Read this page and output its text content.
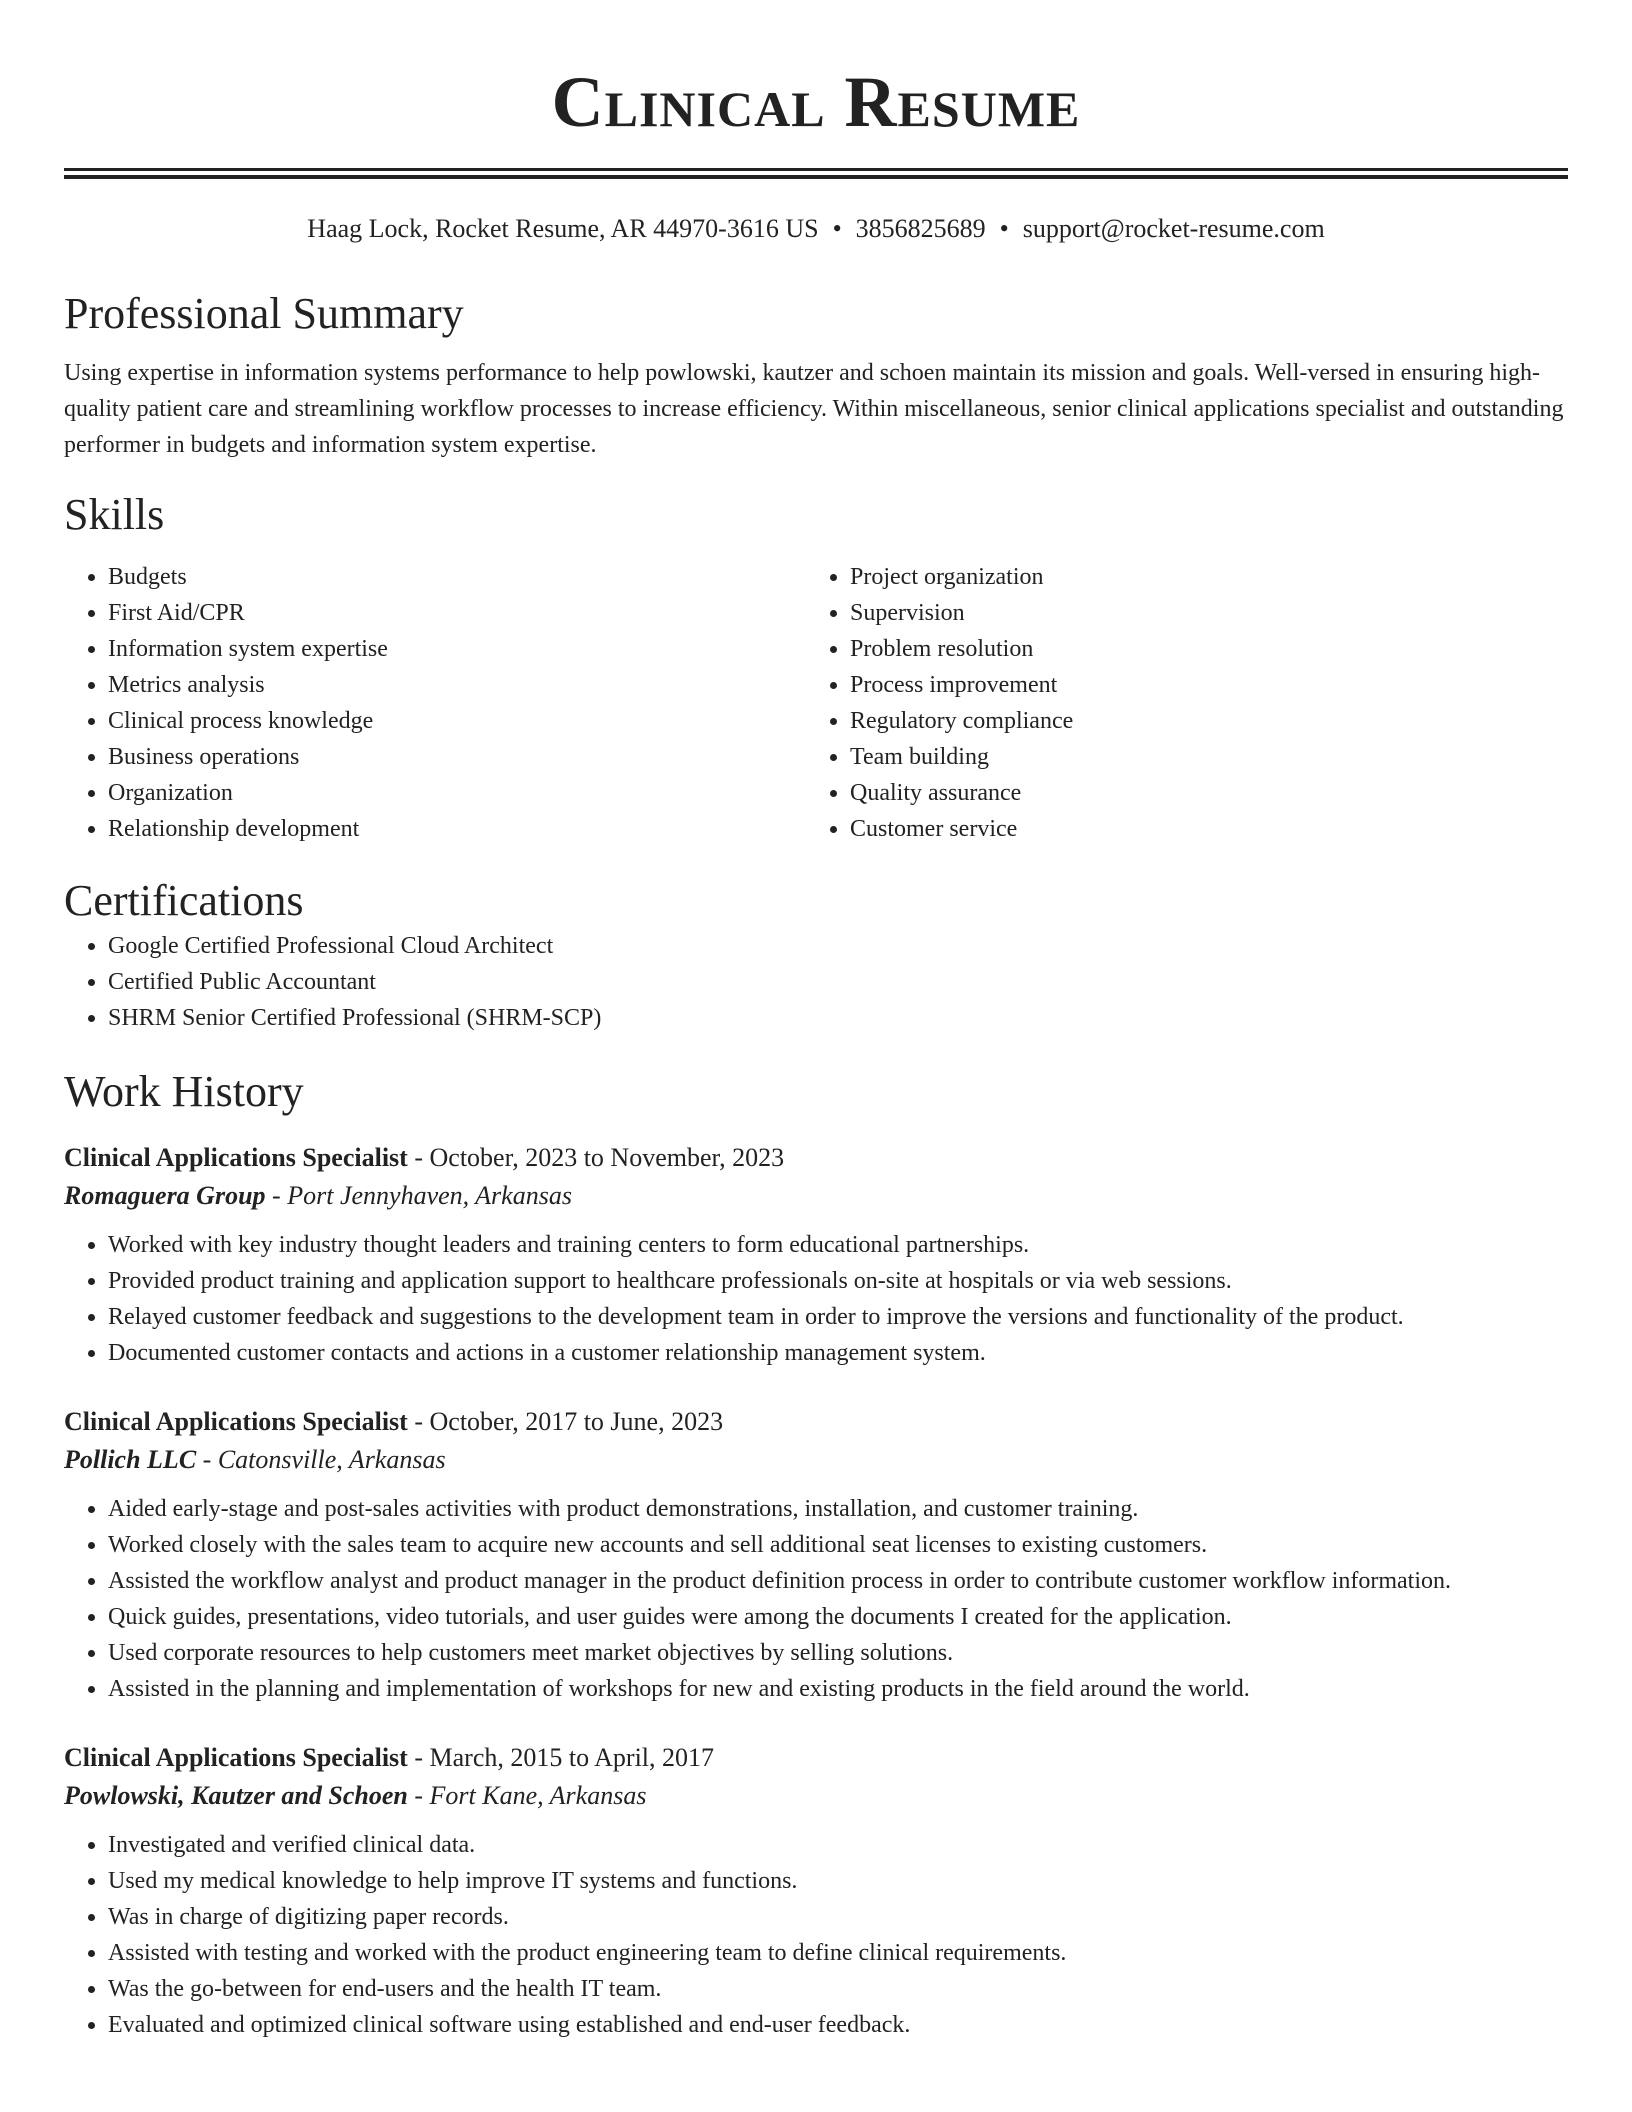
Clinical Resume
Haag Lock, Rocket Resume, AR 44970-3616 US • 3856825689 • support@rocket-resume.com
Professional Summary
Using expertise in information systems performance to help powlowski, kautzer and schoen maintain its mission and goals. Well-versed in ensuring high-quality patient care and streamlining workflow processes to increase efficiency. Within miscellaneous, senior clinical applications specialist and outstanding performer in budgets and information system expertise.
Skills
• Budgets
• First Aid/CPR
• Information system expertise
• Metrics analysis
• Clinical process knowledge
• Business operations
• Organization
• Relationship development
• Project organization
• Supervision
• Problem resolution
• Process improvement
• Regulatory compliance
• Team building
• Quality assurance
• Customer service
Certifications
• Google Certified Professional Cloud Architect
• Certified Public Accountant
• SHRM Senior Certified Professional (SHRM-SCP)
Work History
Clinical Applications Specialist - October, 2023 to November, 2023
Romaguera Group - Port Jennyhaven, Arkansas
• Worked with key industry thought leaders and training centers to form educational partnerships.
• Provided product training and application support to healthcare professionals on-site at hospitals or via web sessions.
• Relayed customer feedback and suggestions to the development team in order to improve the versions and functionality of the product.
• Documented customer contacts and actions in a customer relationship management system.
Clinical Applications Specialist - October, 2017 to June, 2023
Pollich LLC - Catonsville, Arkansas
• Aided early-stage and post-sales activities with product demonstrations, installation, and customer training.
• Worked closely with the sales team to acquire new accounts and sell additional seat licenses to existing customers.
• Assisted the workflow analyst and product manager in the product definition process in order to contribute customer workflow information.
• Quick guides, presentations, video tutorials, and user guides were among the documents I created for the application.
• Used corporate resources to help customers meet market objectives by selling solutions.
• Assisted in the planning and implementation of workshops for new and existing products in the field around the world.
Clinical Applications Specialist - March, 2015 to April, 2017
Powlowski, Kautzer and Schoen - Fort Kane, Arkansas
• Investigated and verified clinical data.
• Used my medical knowledge to help improve IT systems and functions.
• Was in charge of digitizing paper records.
• Assisted with testing and worked with the product engineering team to define clinical requirements.
• Was the go-between for end-users and the health IT team.
• Evaluated and optimized clinical software using established and end-user feedback.
